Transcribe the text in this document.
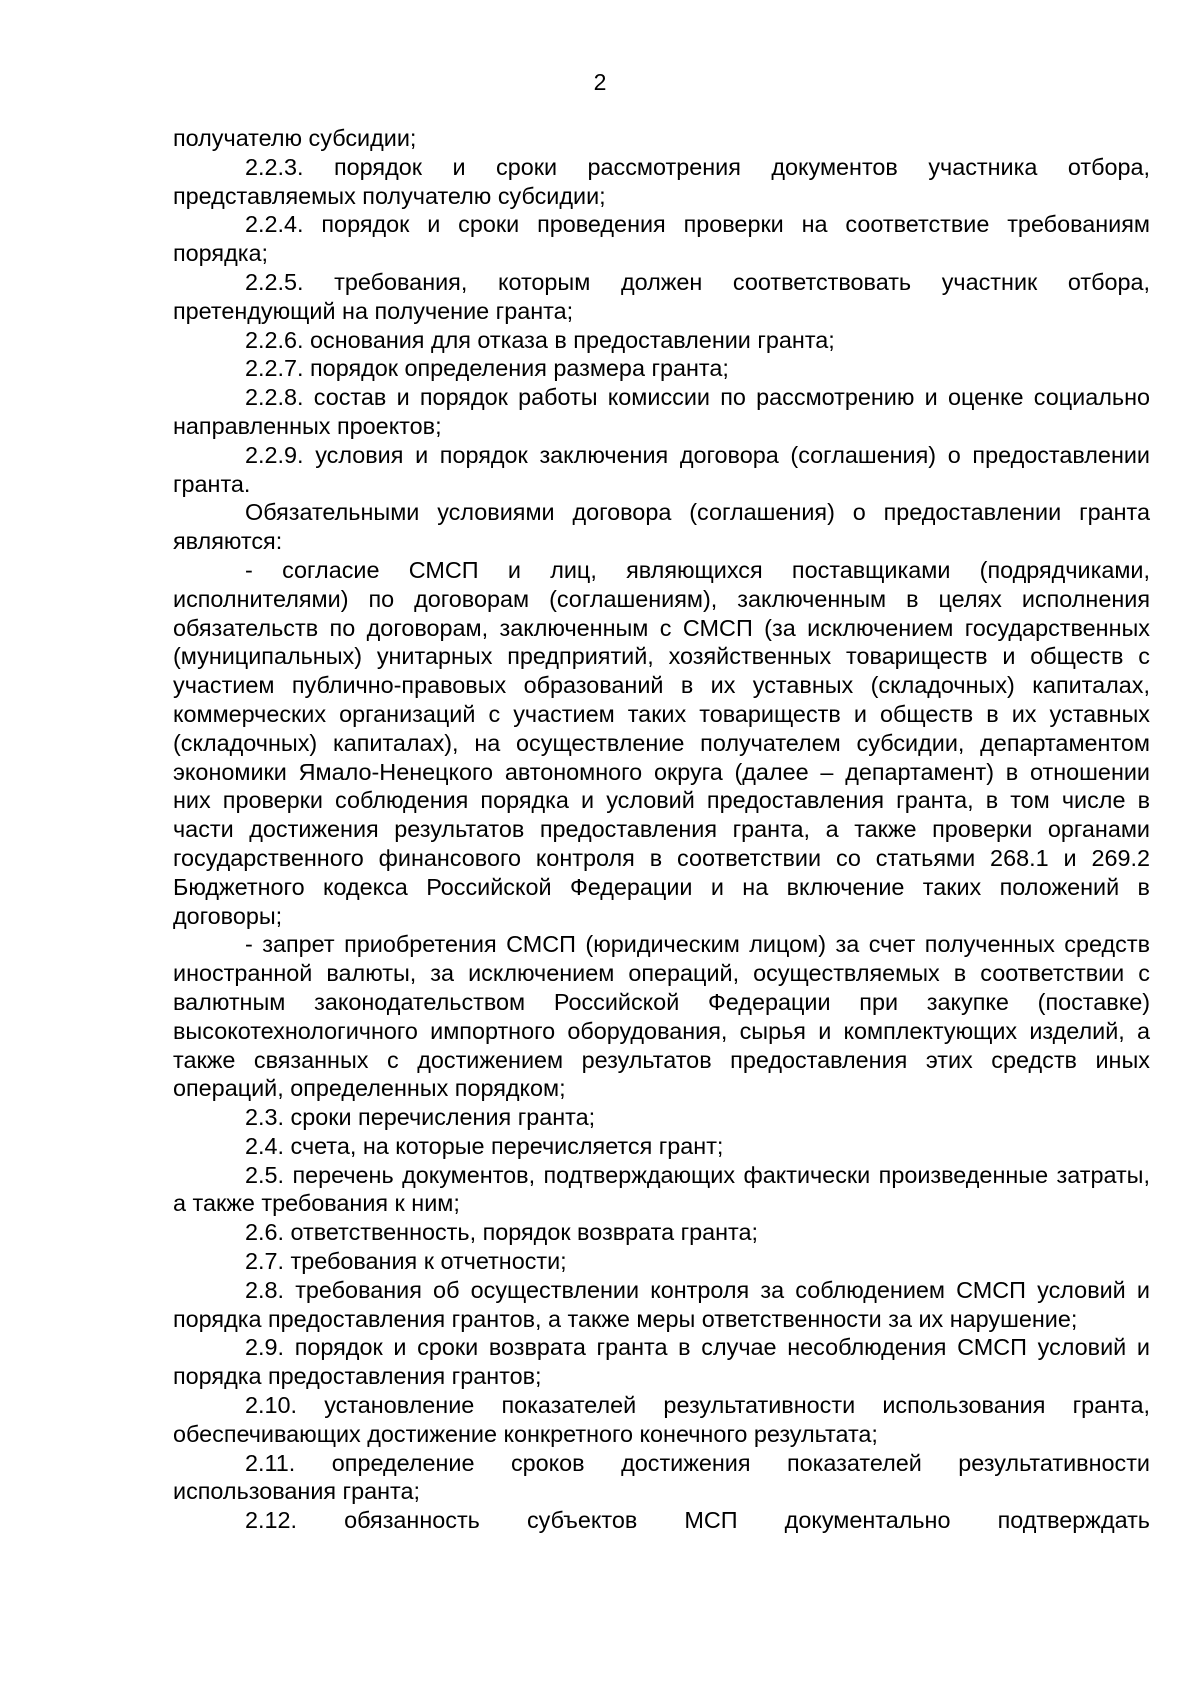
2

получателю субсидии;

2.2.3. порядок и сроки рассмотрения документов участника отбора, представляемых получателю субсидии;

2.2.4. порядок и сроки проведения проверки на соответствие требованиям порядка;

2.2.5. требования, которым должен соответствовать участник отбора, претендующий на получение гранта;

2.2.6. основания для отказа в предоставлении гранта;

2.2.7. порядок определения размера гранта;

2.2.8. состав и порядок работы комиссии по рассмотрению и оценке социально направленных проектов;

2.2.9. условия и порядок заключения договора (соглашения) о предоставлении гранта.

Обязательными условиями договора (соглашения) о предоставлении гранта являются:

- согласие СМСП и лиц, являющихся поставщиками (подрядчиками, исполнителями) по договорам (соглашениям), заключенным в целях исполнения обязательств по договорам, заключенным с СМСП (за исключением государственных (муниципальных) унитарных предприятий, хозяйственных товариществ и обществ с участием публично-правовых образований в их уставных (складочных) капиталах, коммерческих организаций с участием таких товариществ и обществ в их уставных (складочных) капиталах), на осуществление получателем субсидии, департаментом экономики Ямало-Ненецкого автономного округа (далее – департамент) в отношении них проверки соблюдения порядка и условий предоставления гранта, в том числе в части достижения результатов предоставления гранта, а также проверки органами государственного финансового контроля в соответствии со статьями 268.1 и 269.2 Бюджетного кодекса Российской Федерации и на включение таких положений в договоры;

- запрет приобретения СМСП (юридическим лицом) за счет полученных средств иностранной валюты, за исключением операций, осуществляемых в соответствии с валютным законодательством Российской Федерации при закупке (поставке) высокотехнологичного импортного оборудования, сырья и комплектующих изделий, а также связанных с достижением результатов предоставления этих средств иных операций, определенных порядком;

2.3. сроки перечисления гранта;

2.4. счета, на которые перечисляется грант;

2.5. перечень документов, подтверждающих фактически произведенные затраты, а также требования к ним;

2.6. ответственность, порядок возврата гранта;

2.7. требования к отчетности;

2.8. требования об осуществлении контроля за соблюдением СМСП условий и порядка предоставления грантов, а также меры ответственности за их нарушение;

2.9. порядок и сроки возврата гранта в случае несоблюдения СМСП условий и порядка предоставления грантов;

2.10. установление показателей результативности использования гранта, обеспечивающих достижение конкретного конечного результата;

2.11. определение сроков достижения показателей результативности использования гранта;

2.12. обязанность субъектов МСП документально подтверждать
